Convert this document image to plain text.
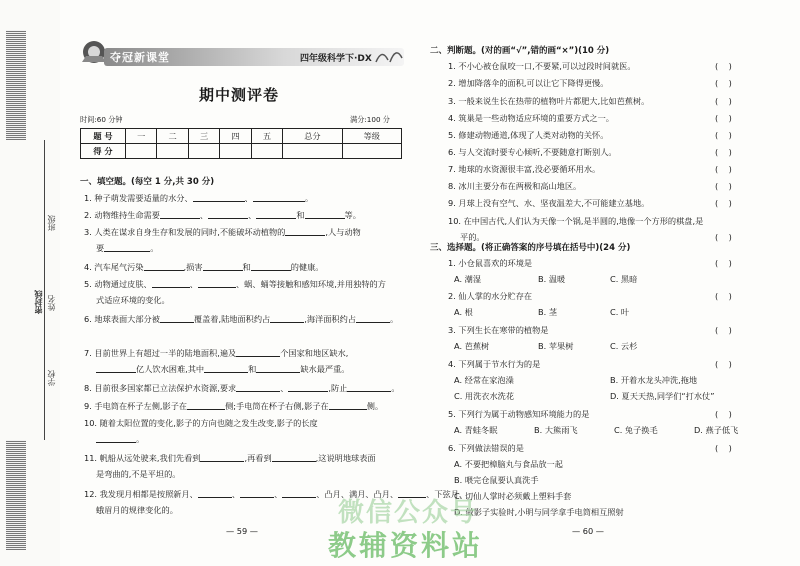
班级
姓名
密封线
学校
夺冠新课堂	四年级科学下·DX
期中测评卷
时间:60 分钟	满分:100 分
题 号	一	二	三	四	五	总分	等级
得 分							
一、填空题。(每空 1 分,共 30 分)
1. 种子萌发需要适量的水分、	、	。
2. 动物维持生命需要	、	、	和	等。
3. 人类在谋求自身生存和发展的同时,不能破坏动植物的	,人与动物
要	。
4. 汽车尾气污染	,损害	和	的健康。
5. 动物通过皮肤、	、	、蜗、蛹等接触和感知环境,并用独特的方
式适应环境的变化。
6. 地球表面大部分被	覆盖着,陆地面积约占	,海洋面积约占	。
7. 目前世界上有超过一半的陆地面积,遍及	个国家和地区缺水,
亿人饮水困难,其中	和	缺水最严重。
8. 目前很多国家都已立法保护水资源,要求	、	,防止	。
9. 手电筒在杯子左侧,影子在	侧;手电筒在杯子右侧,影子在	侧。
10. 随着太阳位置的变化,影子的方向也随之发生改变,影子的长度
。
11. 帆船从远处驶来,我们先看到	,再看到	,这说明地球表面
是弯曲的,不是平坦的。
12. 我发现月相都是按照新月、	、	、	、凸月、满月、凸月、	、下弦月、
蛾眉月的规律变化的。
— 59 —
二、判断题。(对的画“√”,错的画“×”)(10 分)
1. 不小心被仓鼠咬一口,不要紧,可以过段时间就医。	(    )
2. 增加降落伞的面积,可以让它下降得更慢。	(    )
3. 一般来说生长在热带的植物叶片都肥大,比如芭蕉树。	(    )
4. 筑巢是一些动物适应环境的重要方式之一。	(    )
5. 修建动物通道,体现了人类对动物的关怀。	(    )
6. 与人交流时要专心倾听,不要随意打断别人。	(    )
7. 地球的水资源很丰富,没必要循环用水。	(    )
8. 冰川主要分布在两极和高山地区。	(    )
9. 月球上没有空气、水、坚夜温差大,不可能建立基地。	(    )
10. 在中国古代,人们认为天像一个锅,是半圆的,地像一个方形的棋盘,是
平的。	(    )
三、选择题。(将正确答案的序号填在括号中)(24 分)
1. 小仓鼠喜欢的环境是	(    )
A. 潮湿	B. 温暖	C. 黑暗
2. 仙人掌的水分贮存在	(    )
A. 根	B. 茎	C. 叶
3. 下列生长在寒带的植物是	(    )
A. 芭蕉树	B. 苹果树	C. 云杉
4. 下列属于节水行为的是	(    )
A. 经常在家泡澡	B. 开着水龙头冲洗,拖地
C. 用洗衣水洗花	D. 夏天天热,同学们“打水仗”
5. 下列行为属于动物感知环境能力的是	(    )
A. 青蛙冬眠	B. 大熊雨飞	C. 兔子换毛	D. 燕子低飞
6. 下列做法错误的是	(    )
A. 不要把樟脑丸与食品放一起
B. 喂完仓鼠要认真洗手
C. 切仙人掌时必须戴上塑料手套
D. 做影子实验时,小明与同学拿手电筒相互照射
— 60 —
微信公众号
教辅资料站
